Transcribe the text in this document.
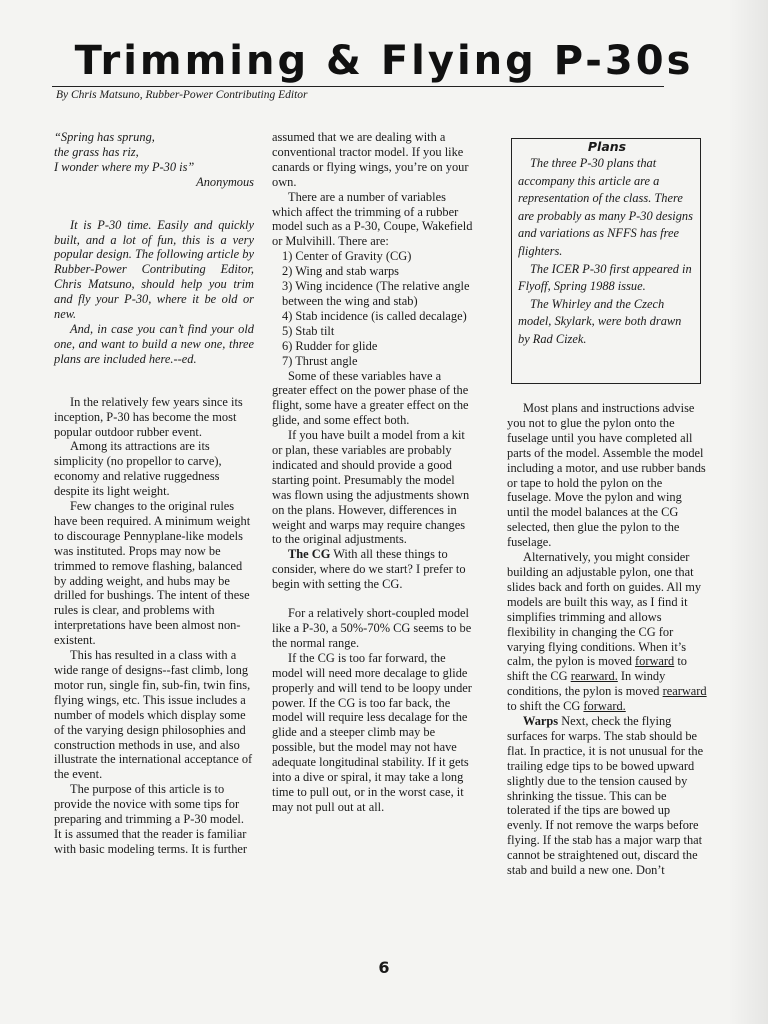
Trimming & Flying P-30s
By Chris Matsuno, Rubber-Power Contributing Editor

“Spring has sprung,

the grass has riz,

I wonder where my P-30 is”

Anonymous

It is P-30 time. Easily and quickly built, and a lot of fun, this is a very popular design. The following article by Rubber-Power Contributing Editor, Chris Matsuno, should help you trim and fly your P-30, where it be old or new.

And, in case you can’t find your old one, and want to build a new one, three plans are included here.--ed.

In the relatively few years since its inception, P-30 has become the most popular outdoor rubber event.

Among its attractions are its simplicity (no propellor to carve), economy and relative ruggedness despite its light weight.

Few changes to the original rules have been required. A minimum weight to discourage Pennyplane-like models was instituted. Props may now be trimmed to remove flashing, balanced by adding weight, and hubs may be drilled for bushings. The intent of these rules is clear, and problems with interpretations have been almost non-existent.

This has resulted in a class with a wide range of designs--fast climb, long motor run, single fin, sub-fin, twin fins, flying wings, etc. This issue includes a number of models which display some of the varying design philosophies and construction methods in use, and also illustrate the international acceptance of the event.

The purpose of this article is to provide the novice with some tips for preparing and trimming a P-30 model. It is assumed that the reader is familiar with basic modeling terms. It is further

assumed that we are dealing with a conventional tractor model. If you like canards or flying wings, you’re on your own.

There are a number of variables which affect the trimming of a rubber model such as a P-30, Coupe, Wakefield or Mulvihill. There are:

1) Center of Gravity (CG)

2) Wing and stab warps

3) Wing incidence (The relative angle between the wing and stab)

4) Stab incidence (is called decalage)

5) Stab tilt

6) Rudder for glide

7) Thrust angle

Some of these variables have a greater effect on the power phase of the flight, some have a greater effect on the glide, and some effect both.

If you have built a model from a kit or plan, these variables are probably indicated and should provide a good starting point. Presumably the model was flown using the adjustments shown on the plans. However, differences in weight and warps may require changes to the original adjustments.

The CG With all these things to consider, where do we start? I prefer to begin with setting the CG.

For a relatively short-coupled model like a P-30, a 50%-70% CG seems to be the normal range.

If the CG is too far forward, the model will need more decalage to glide properly and will tend to be loopy under power. If the CG is too far back, the model will require less decalage for the glide and a steeper climb may be possible, but the model may not have adequate longitudinal stability. If it gets into a dive or spiral, it may take a long time to pull out, or in the worst case, it may not pull out at all.

Plans

The three P-30 plans that accompany this article are a representation of the class. There are probably as many P-30 designs and variations as NFFS has free flighters.

The ICER P-30 first appeared in Flyoff, Spring 1988 issue.

The Whirley and the Czech model, Skylark, were both drawn by Rad Cizek.

Most plans and instructions advise you not to glue the pylon onto the fuselage until you have completed all parts of the model. Assemble the model including a motor, and use rubber bands or tape to hold the pylon on the fuselage. Move the pylon and wing until the model balances at the CG selected, then glue the pylon to the fuselage.

Alternatively, you might consider building an adjustable pylon, one that slides back and forth on guides. All my models are built this way, as I find it simplifies trimming and allows flexibility in changing the CG for varying flying conditions. When it’s calm, the pylon is moved forward to shift the CG rearward. In windy conditions, the pylon is moved rearward to shift the CG forward.

Warps Next, check the flying surfaces for warps. The stab should be flat. In practice, it is not unusual for the trailing edge tips to be bowed upward slightly due to the tension caused by shrinking the tissue. This can be tolerated if the tips are bowed up evenly. If not remove the warps before flying. If the stab has a major warp that cannot be straightened out, discard the stab and build a new one. Don’t

6
